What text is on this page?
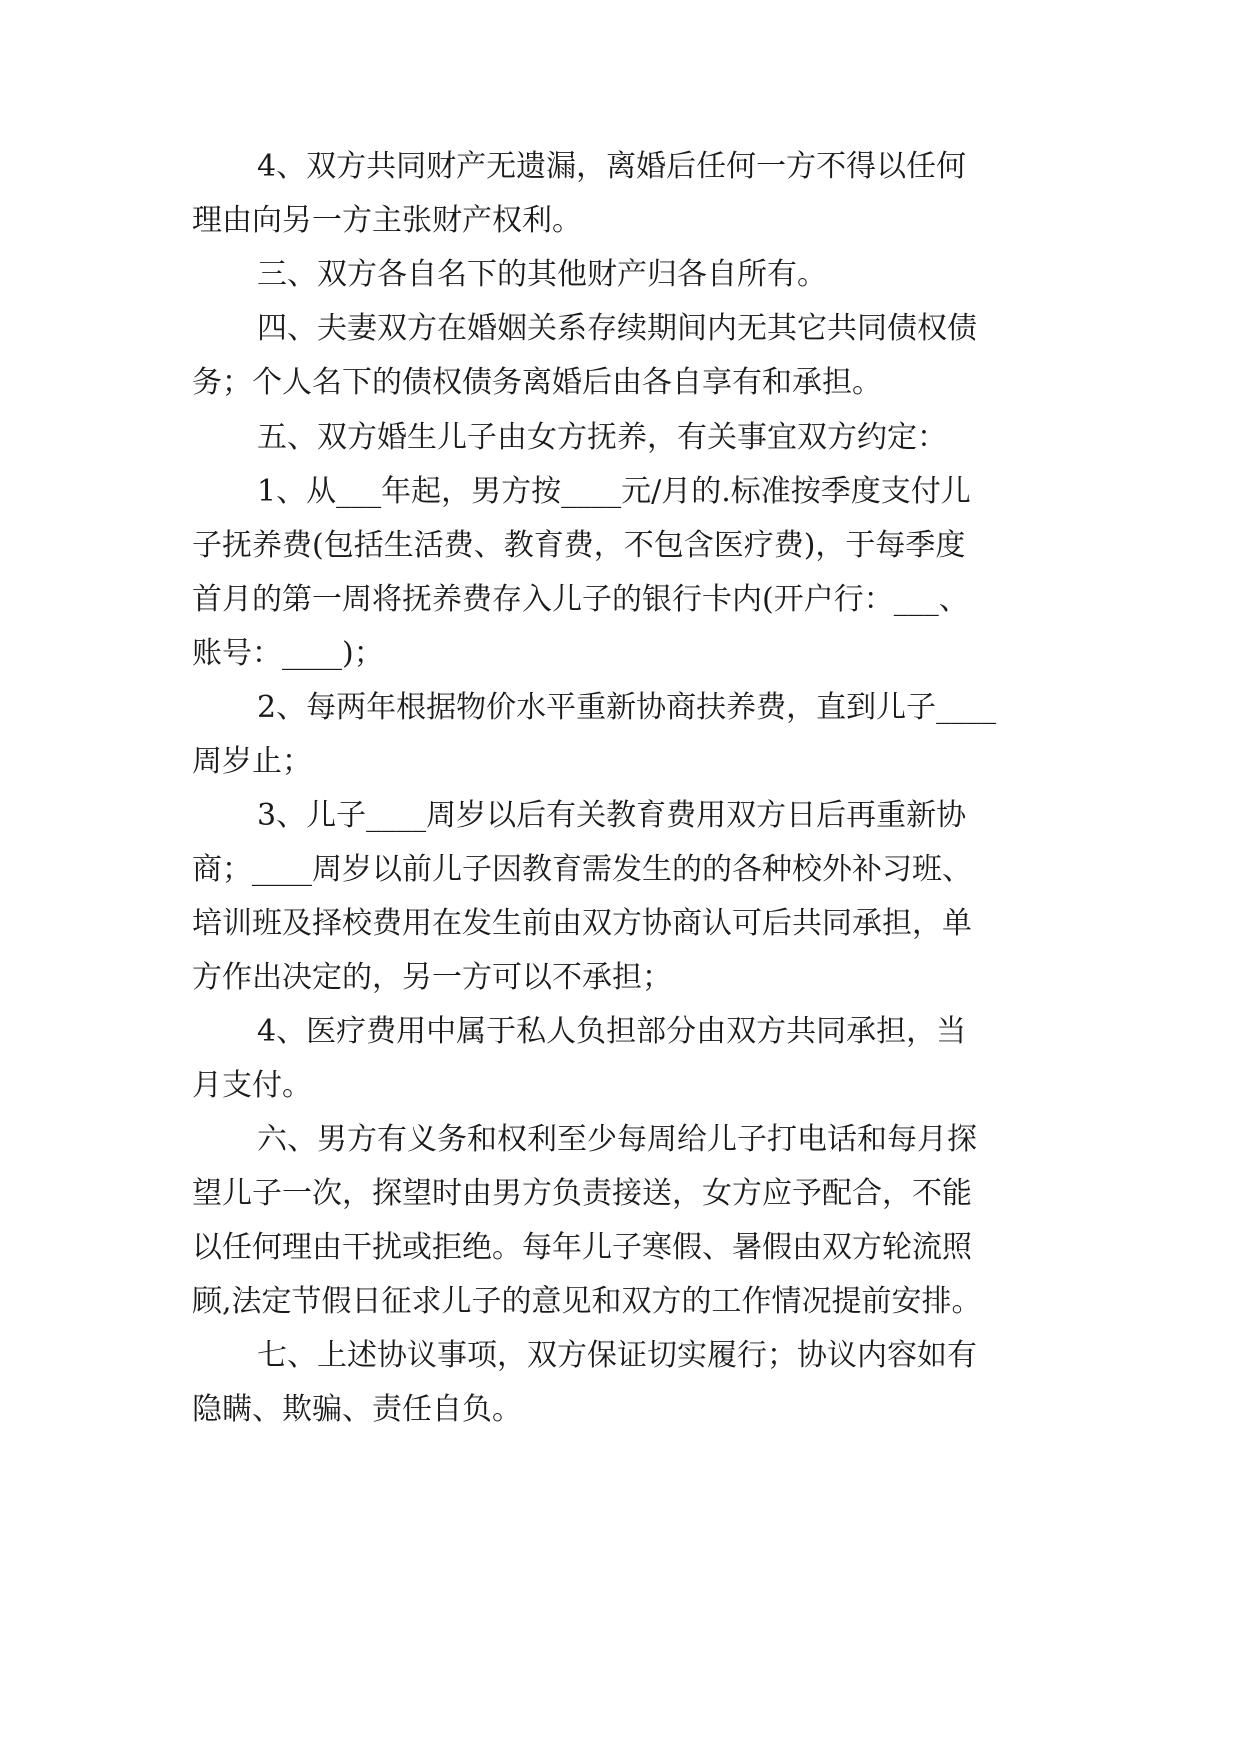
4、双方共同财产无遗漏，离婚后任何一方不得以任何

理由向另一方主张财产权利。

三、双方各自名下的其他财产归各自所有。

四、夫妻双方在婚姻关系存续期间内无其它共同债权债

务；个人名下的债权债务离婚后由各自享有和承担。

五、双方婚生儿子由女方抚养，有关事宜双方约定：

1、从___年起，男方按____元/月的.标准按季度支付儿

子抚养费(包括生活费、教育费，不包含医疗费)，于每季度

首月的第一周将抚养费存入儿子的银行卡内(开户行：___、

账号：____)；

2、每两年根据物价水平重新协商扶养费，直到儿子____

周岁止；

3、儿子____周岁以后有关教育费用双方日后再重新协

商；____周岁以前儿子因教育需发生的的各种校外补习班、

培训班及择校费用在发生前由双方协商认可后共同承担，单

方作出决定的，另一方可以不承担；

4、医疗费用中属于私人负担部分由双方共同承担，当

月支付。

六、男方有义务和权利至少每周给儿子打电话和每月探

望儿子一次，探望时由男方负责接送，女方应予配合，不能

以任何理由干扰或拒绝。每年儿子寒假、暑假由双方轮流照

顾,法定节假日征求儿子的意见和双方的工作情况提前安排。

七、上述协议事项，双方保证切实履行；协议内容如有

隐瞒、欺骗、责任自负。
